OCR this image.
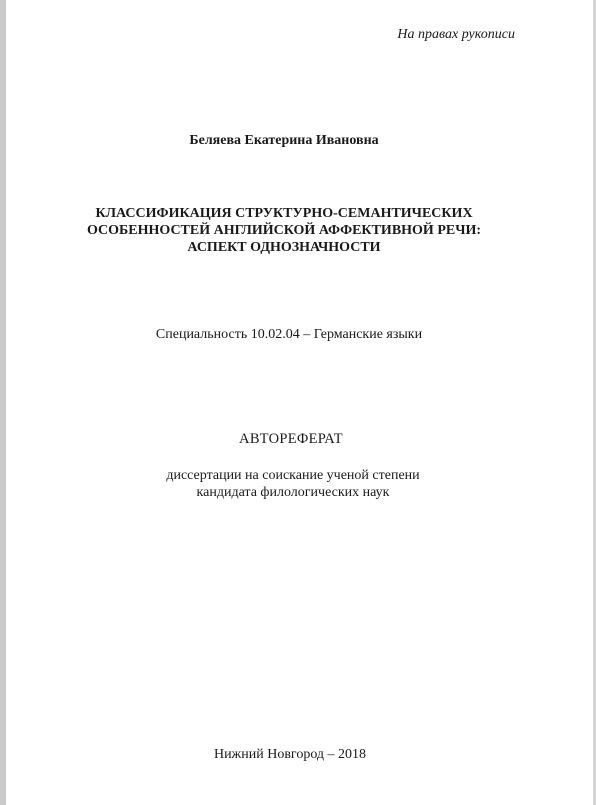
На правах рукописи
Беляева Екатерина Ивановна
КЛАССИФИКАЦИЯ СТРУКТУРНО-СЕМАНТИЧЕСКИХ
ОСОБЕННОСТЕЙ АНГЛИЙСКОЙ АФФЕКТИВНОЙ РЕЧИ:
АСПЕКТ ОДНОЗНАЧНОСТИ
Специальность 10.02.04 – Германские языки
АВТОРЕФЕРАТ
диссертации на соискание ученой степени
кандидата филологических наук
Нижний Новгород – 2018
